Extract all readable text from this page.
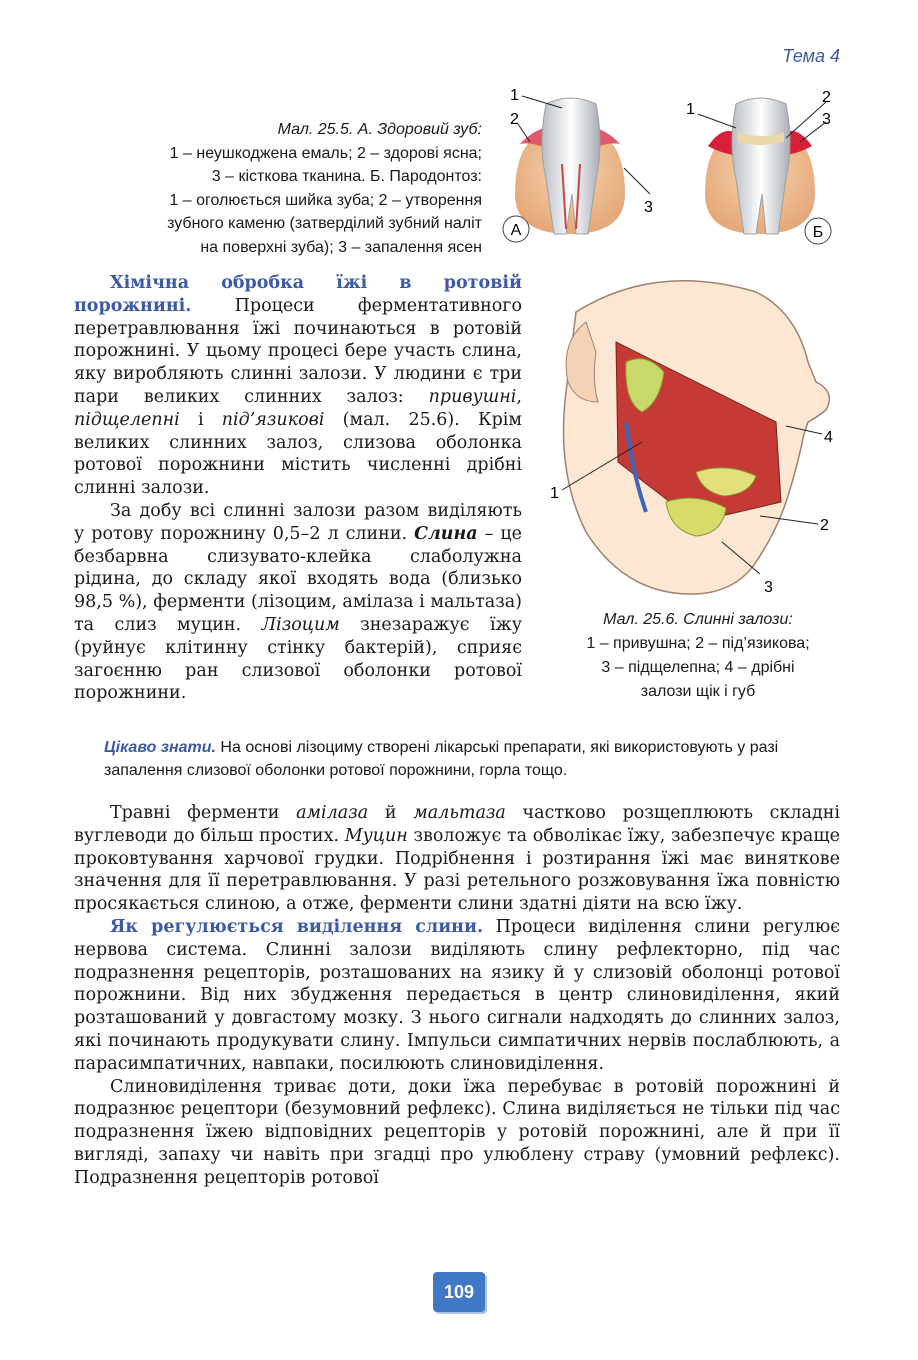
Тема 4

Мал. 25.5. А. Здоровий зуб:

1 – неушкоджена емаль; 2 – здорові ясна;

3 – кісткова тканина. Б. Пародонтоз:

1 – оголюється шийка зуба; 2 – утворення

зубного каменю (затверділий зубний наліт

на поверхні зуба); 3 – запалення ясен

1
2
3
А
1
2
3
Б
1
2
3
4

Мал. 25.6. Слинні залози:

1 – привушна; 2 – під’язикова;

3 – підщелепна; 4 – дрібні

залози щік і губ

Хімічна обробка їжі в ротовій порожнині. Процеси ферментативного перетравлювання їжі починаються в ротовій порожнині. У цьому процесі бере участь слина, яку виробляють слинні залози. У людини є три пари великих слинних залоз: привушні, підщелепні і під’язикові (мал. 25.6). Крім великих слинних залоз, слизова оболонка ротової порожнини містить численні дрібні слинні залози.

За добу всі слинні залози разом виділяють у ротову порожнину 0,5–2 л слини. Слина – це безбарвна слизувато-клейка слаболужна рідина, до складу якої входять вода (близько 98,5 %), ферменти (лізоцим, амілаза і мальтаза) та слиз муцин. Лізоцим знезаражує їжу (руйнує клітинну стінку бактерій), сприяє загоєнню ран слизової оболонки ротової порожнини.

Цікаво знати. На основі лізоциму створені лікарські препарати, які використовують у разі запалення слизової оболонки ротової порожнини, горла тощо.

Травні ферменти амілаза й мальтаза частково розщеплюють складні вуглеводи до більш простих. Муцин зволожує та обволікає їжу, забезпечує краще проковтування харчової грудки. Подрібнення і розтирання їжі має виняткове значення для її перетравлювання. У разі ретельного розжовування їжа повністю просякається слиною, а отже, ферменти слини здатні діяти на всю їжу.

Як регулюється виділення слини. Процеси виділення слини регулює нервова система. Слинні залози виділяють слину рефлекторно, під час подразнення рецепторів, розташованих на язику й у слизовій оболонці ротової порожнини. Від них збудження передається в центр слиновиділення, який розташований у довгастому мозку. З нього сигнали надходять до слинних залоз, які починають продукувати слину. Імпульси симпатичних нервів послаблюють, а парасимпатичних, навпаки, посилюють слиновиділення.

Слиновиділення триває доти, доки їжа перебуває в ротовій порожнині й подразнює рецептори (безумовний рефлекс). Слина виділяється не тільки під час подразнення їжею відповідних рецепторів у ротовій порожнині, але й при її вигляді, запаху чи навіть при згадці про улюблену страву (умовний рефлекс). Подразнення рецепторів ротової

109
